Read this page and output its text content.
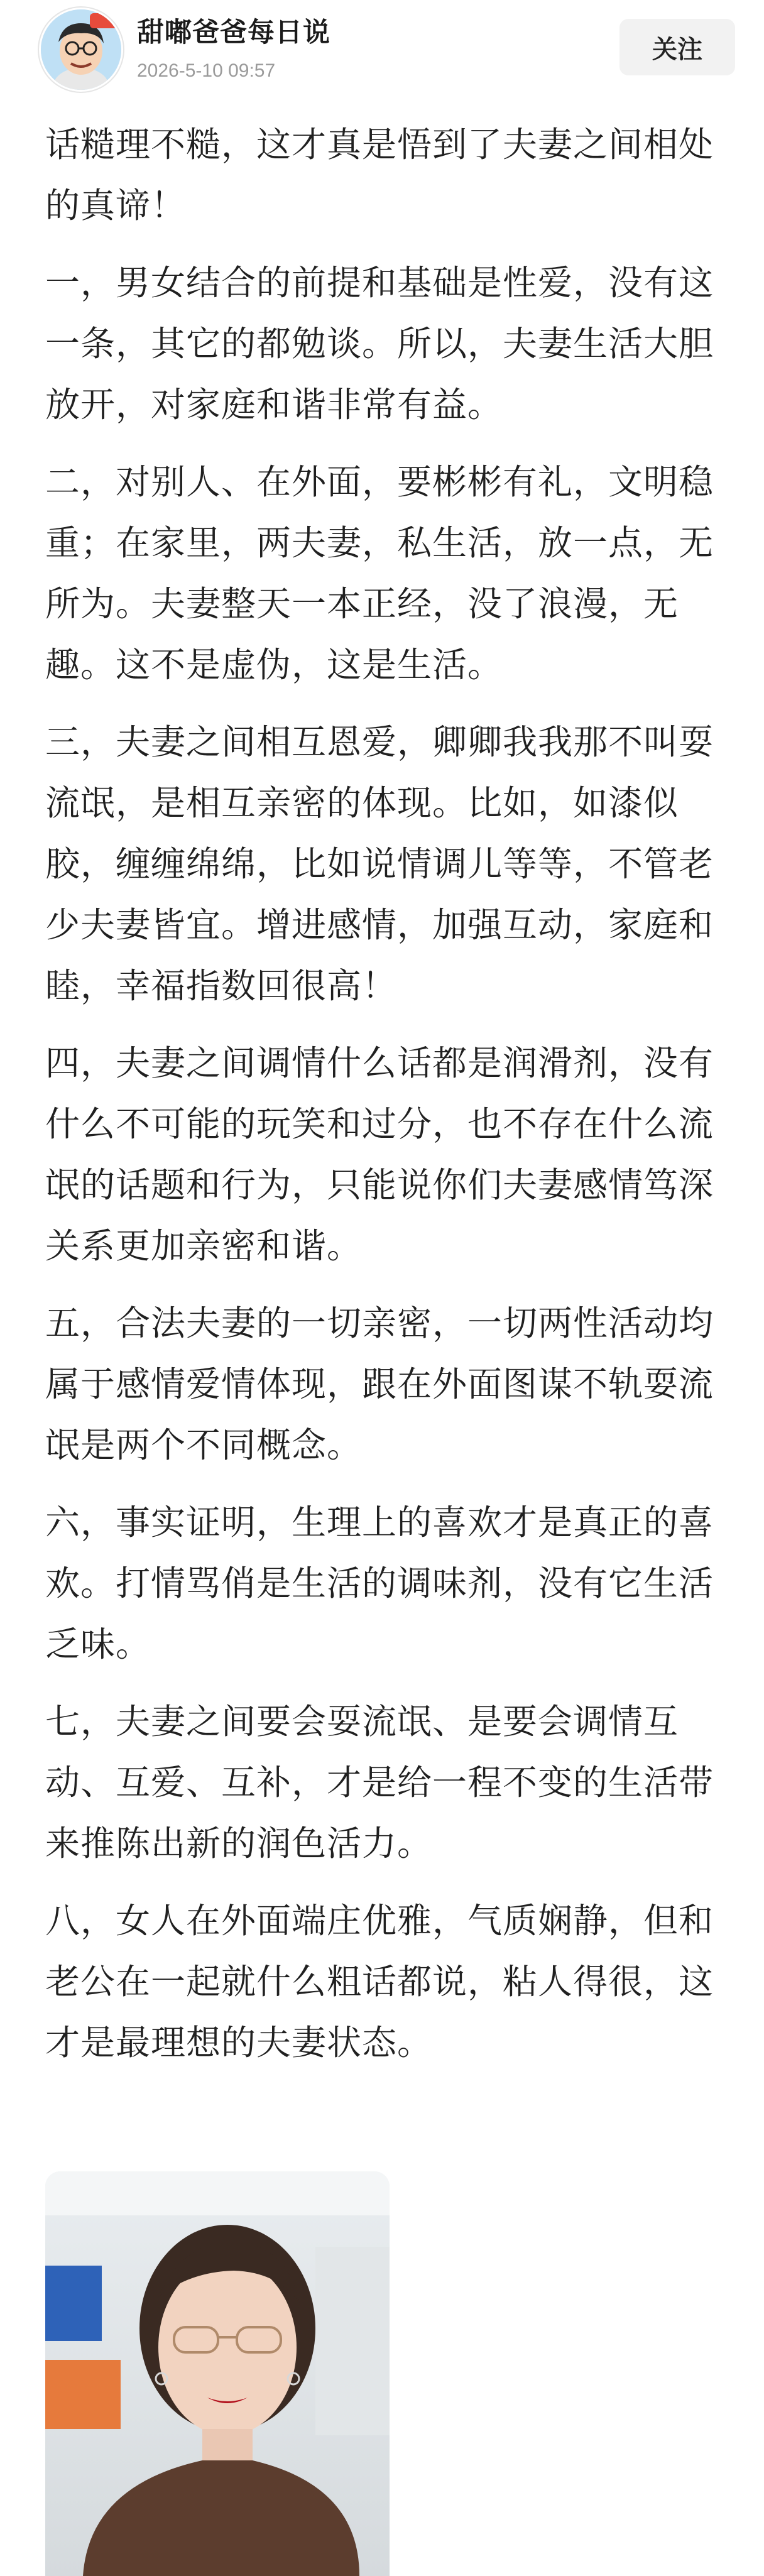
甜嘟爸爸每日说
2026-5-10 09:57
关注

话糙理不糙，这才真是悟到了夫妻之间相处的真谛！

一，男女结合的前提和基础是性爱，没有这一条，其它的都勉谈。所以，夫妻生活大胆放开，对家庭和谐非常有益。

二，对别人、在外面，要彬彬有礼，文明稳重；在家里，两夫妻，私生活，放一点，无所为。夫妻整天一本正经，没了浪漫，无趣。这不是虚伪，这是生活。

三，夫妻之间相互恩爱，卿卿我我那不叫耍流氓，是相互亲密的体现。比如，如漆似胶，缠缠绵绵，比如说情调儿等等，不管老少夫妻皆宜。增进感情，加强互动，家庭和睦，幸福指数回很高！

四，夫妻之间调情什么话都是润滑剂，没有什么不可能的玩笑和过分，也不存在什么流氓的话题和行为，只能说你们夫妻感情笃深关系更加亲密和谐。

五，合法夫妻的一切亲密，一切两性活动均属于感情爱情体现，跟在外面图谋不轨耍流氓是两个不同概念。

六，事实证明，生理上的喜欢才是真正的喜欢。打情骂俏是生活的调味剂，没有它生活乏味。

七，夫妻之间要会耍流氓、是要会调情互动、互爱、互补，才是给一程不变的生活带来推陈出新的润色活力。

八，女人在外面端庄优雅，气质娴静，但和老公在一起就什么粗话都说，粘人得很，这才是最理想的夫妻状态。
